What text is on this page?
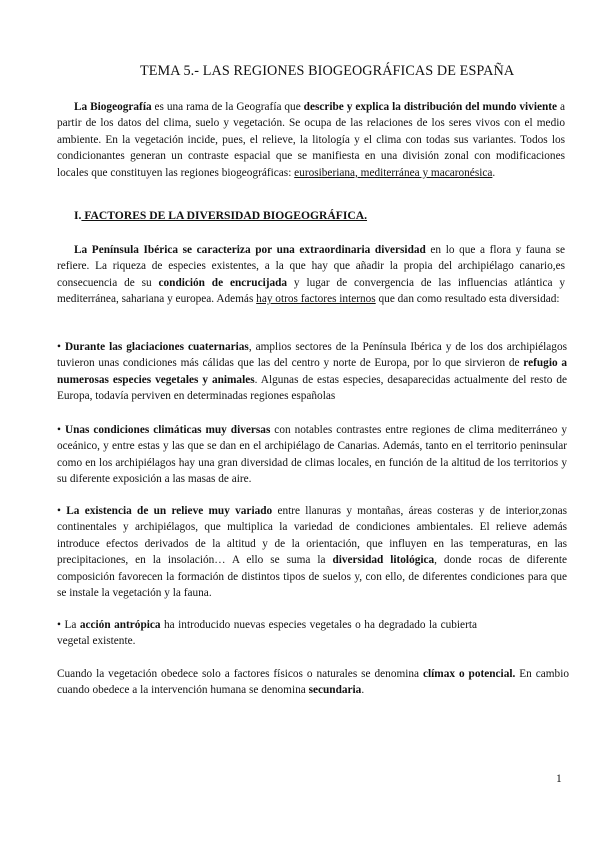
TEMA 5.- LAS REGIONES BIOGEOGRÁFICAS DE ESPAÑA
La Biogeografía es una rama de la Geografía que describe y explica la distribución del mundo viviente a partir de los datos del clima, suelo y vegetación. Se ocupa de las relaciones de los seres vivos con el medio ambiente. En la vegetación incide, pues, el relieve, la litología y el clima con todas sus variantes. Todos los condicionantes generan un contraste espacial que se manifiesta en una división zonal con modificaciones locales que constituyen las regiones biogeográficas: eurosiberiana, mediterránea y macaronésica.
I. FACTORES DE LA DIVERSIDAD BIOGEOGRÁFICA.
La Península Ibérica se caracteriza por una extraordinaria diversidad en lo que a flora y fauna se refiere. La riqueza de especies existentes, a la que hay que añadir la propia del archipiélago canario,es consecuencia de su condición de encrucijada y lugar de convergencia de las influencias atlántica y mediterránea, sahariana y europea. Además hay otros factores internos que dan como resultado esta diversidad:
• Durante las glaciaciones cuaternarias, amplios sectores de la Península Ibérica y de los dos archipiélagos tuvieron unas condiciones más cálidas que las del centro y norte de Europa, por lo que sirvieron de refugio a numerosas especies vegetales y animales. Algunas de estas especies, desaparecidas actualmente del resto de Europa, todavía perviven en determinadas regiones españolas
• Unas condiciones climáticas muy diversas con notables contrastes entre regiones de clima mediterráneo y oceánico, y entre estas y las que se dan en el archipiélago de Canarias. Además, tanto en el territorio peninsular como en los archipiélagos hay una gran diversidad de climas locales, en función de la altitud de los territorios y su diferente exposición a las masas de aire.
• La existencia de un relieve muy variado entre llanuras y montañas, áreas costeras y de interior,zonas continentales y archipiélagos, que multiplica la variedad de condiciones ambientales. El relieve además introduce efectos derivados de la altitud y de la orientación, que influyen en las temperaturas, en las precipitaciones, en la insolación… A ello se suma la diversidad litológica, donde rocas de diferente composición favorecen la formación de distintos tipos de suelos y, con ello, de diferentes condiciones para que se instale la vegetación y la fauna.
• La acción antrópica ha introducido nuevas especies vegetales o ha degradado la cubierta vegetal existente.
Cuando la vegetación obedece solo a factores físicos o naturales se denomina clímax o potencial. En cambio cuando obedece a la intervención humana se denomina secundaria.
1
